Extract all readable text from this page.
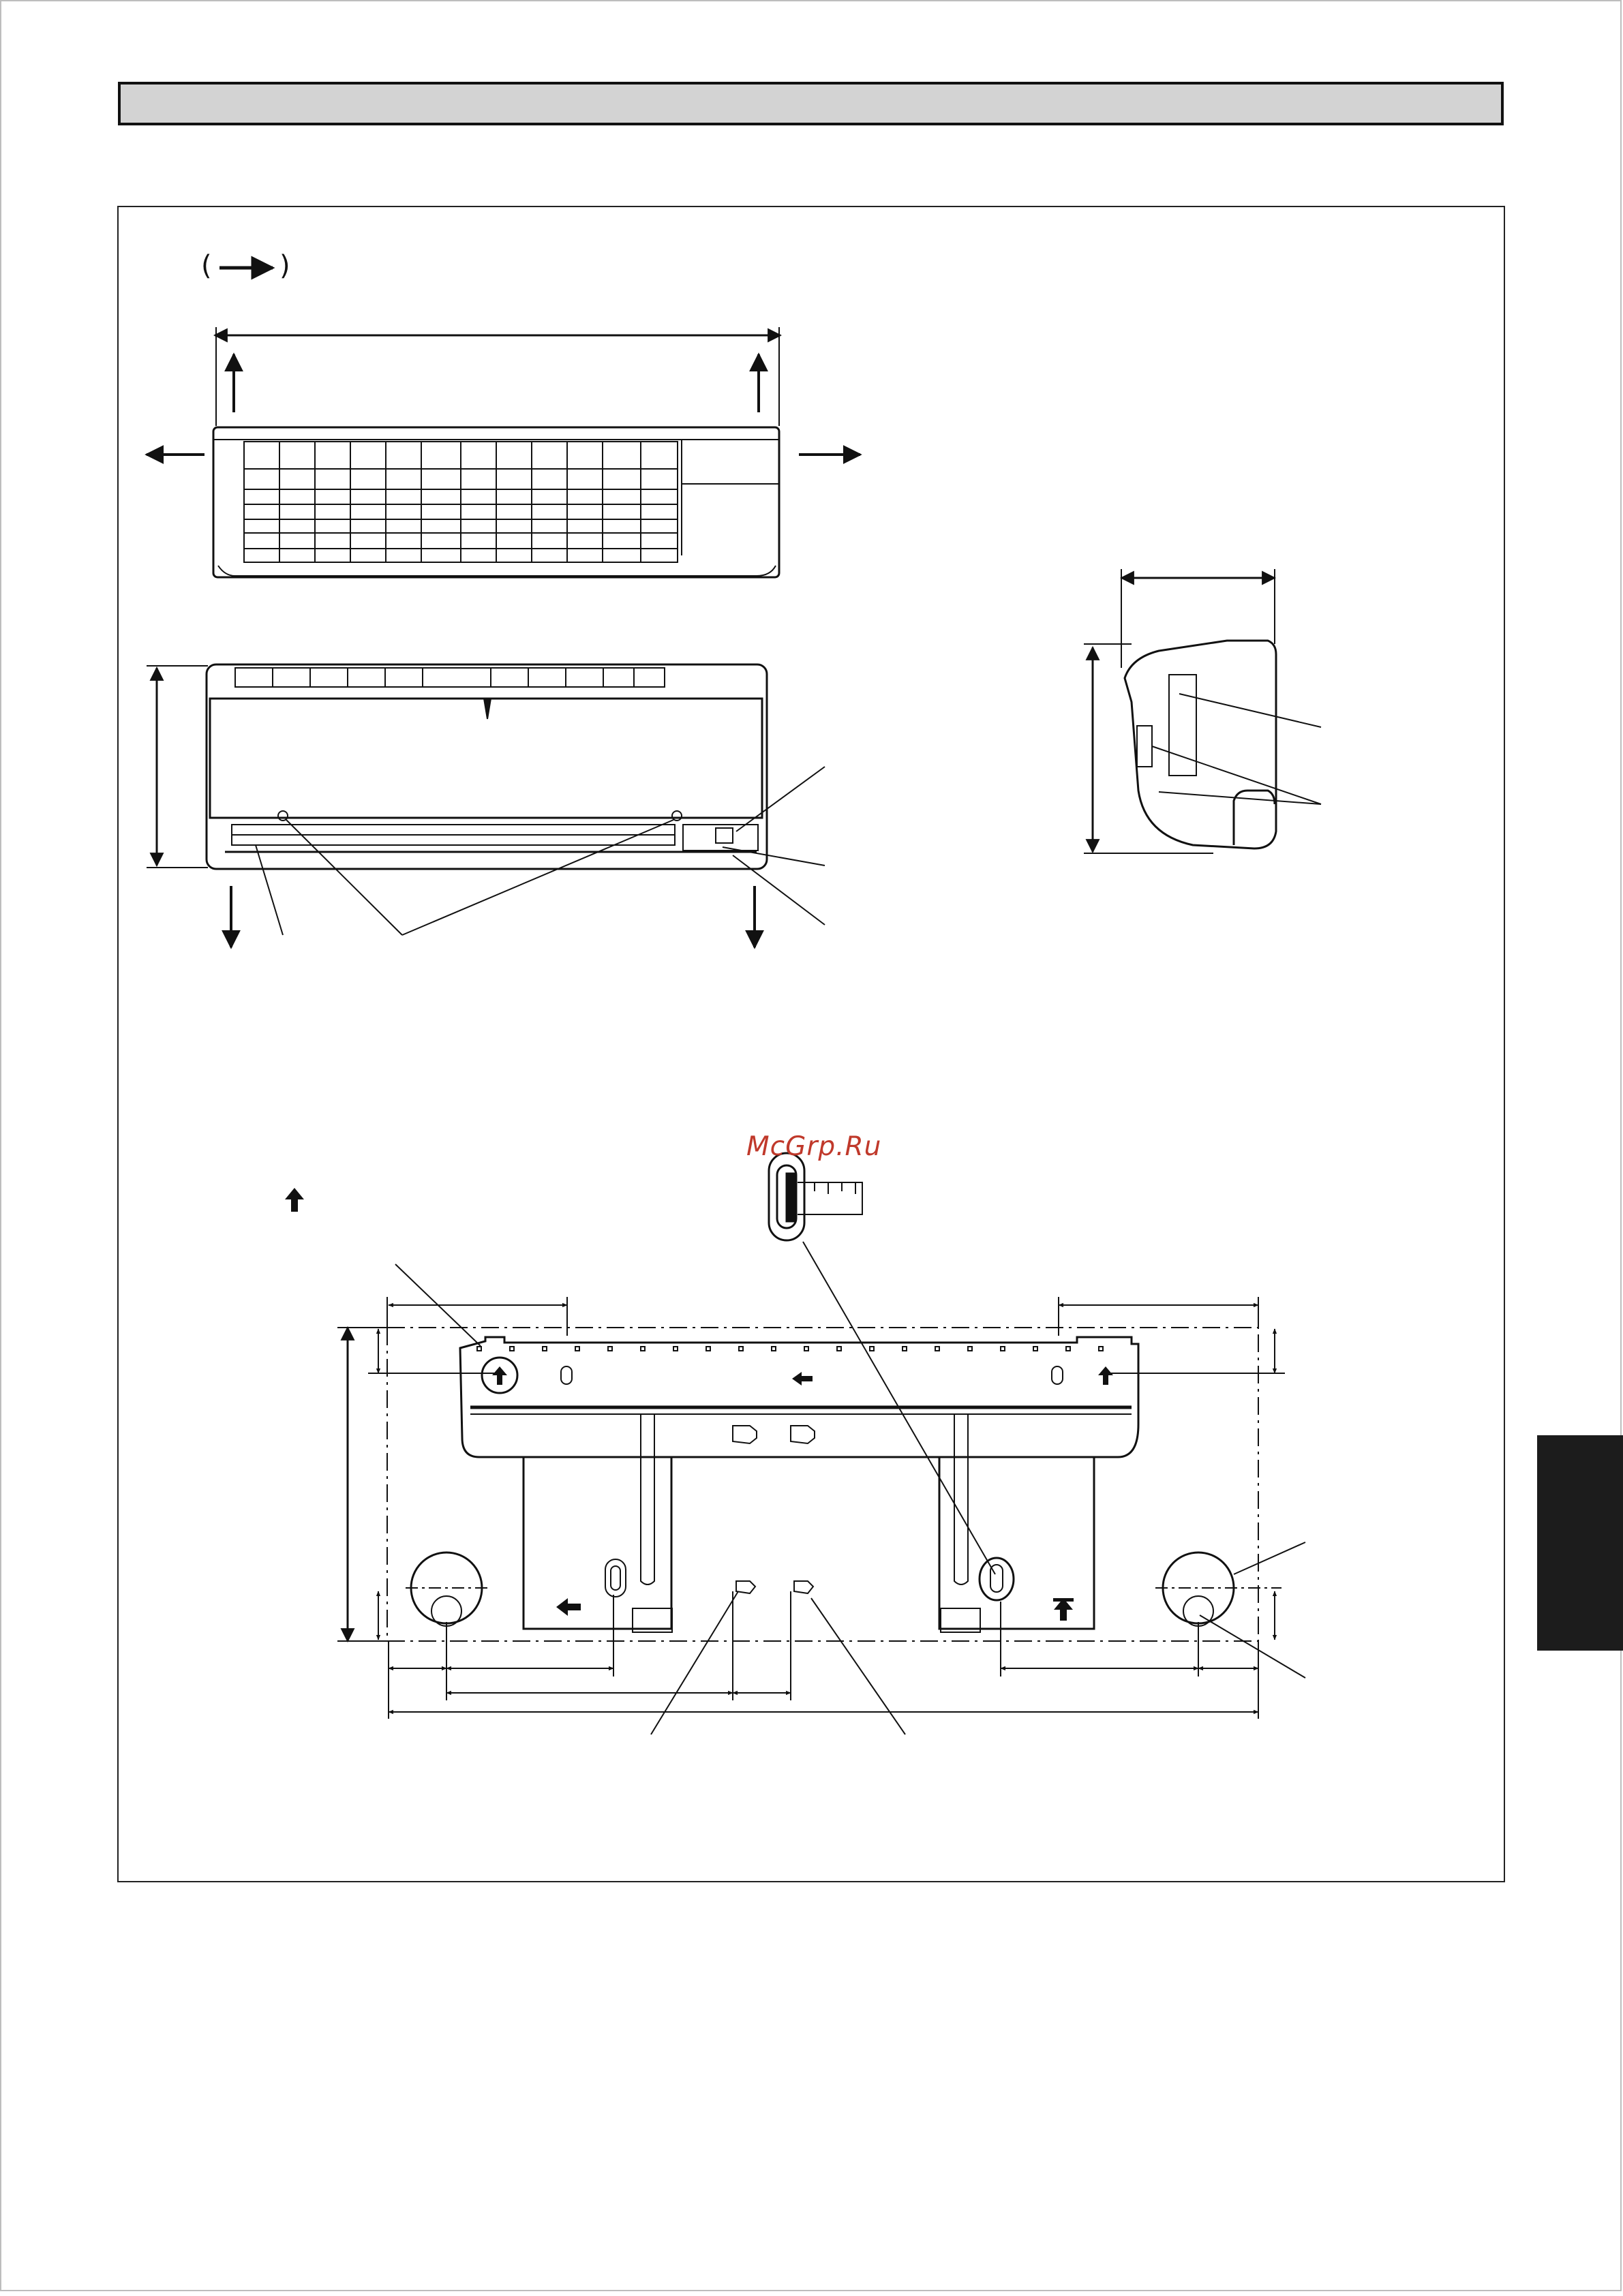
( )
McGrp.Ru
